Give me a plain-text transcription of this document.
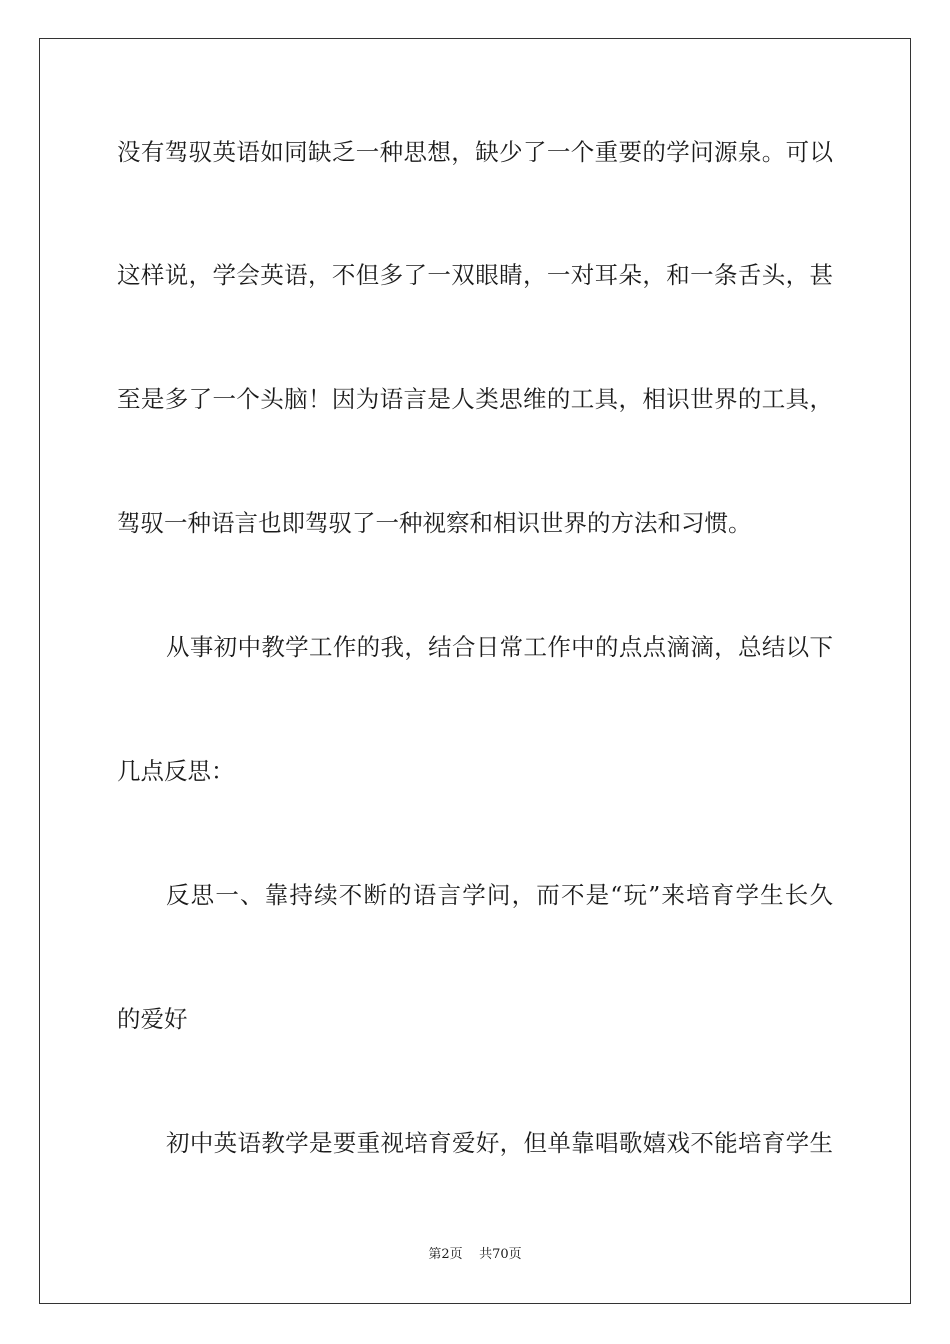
没有驾驭英语如同缺乏一种思想，缺少了一个重要的学问源泉。可以
这样说，学会英语，不但多了一双眼睛，一对耳朵，和一条舌头，甚
至是多了一个头脑！因为语言是人类思维的工具，相识世界的工具，
驾驭一种语言也即驾驭了一种视察和相识世界的方法和习惯。
从事初中教学工作的我，结合日常工作中的点点滴滴，总结以下
几点反思：
反思一、靠持续不断的语言学问，而不是“玩”来培育学生长久
的爱好
初中英语教学是要重视培育爱好，但单靠唱歌嬉戏不能培育学生
第2页    共70页
